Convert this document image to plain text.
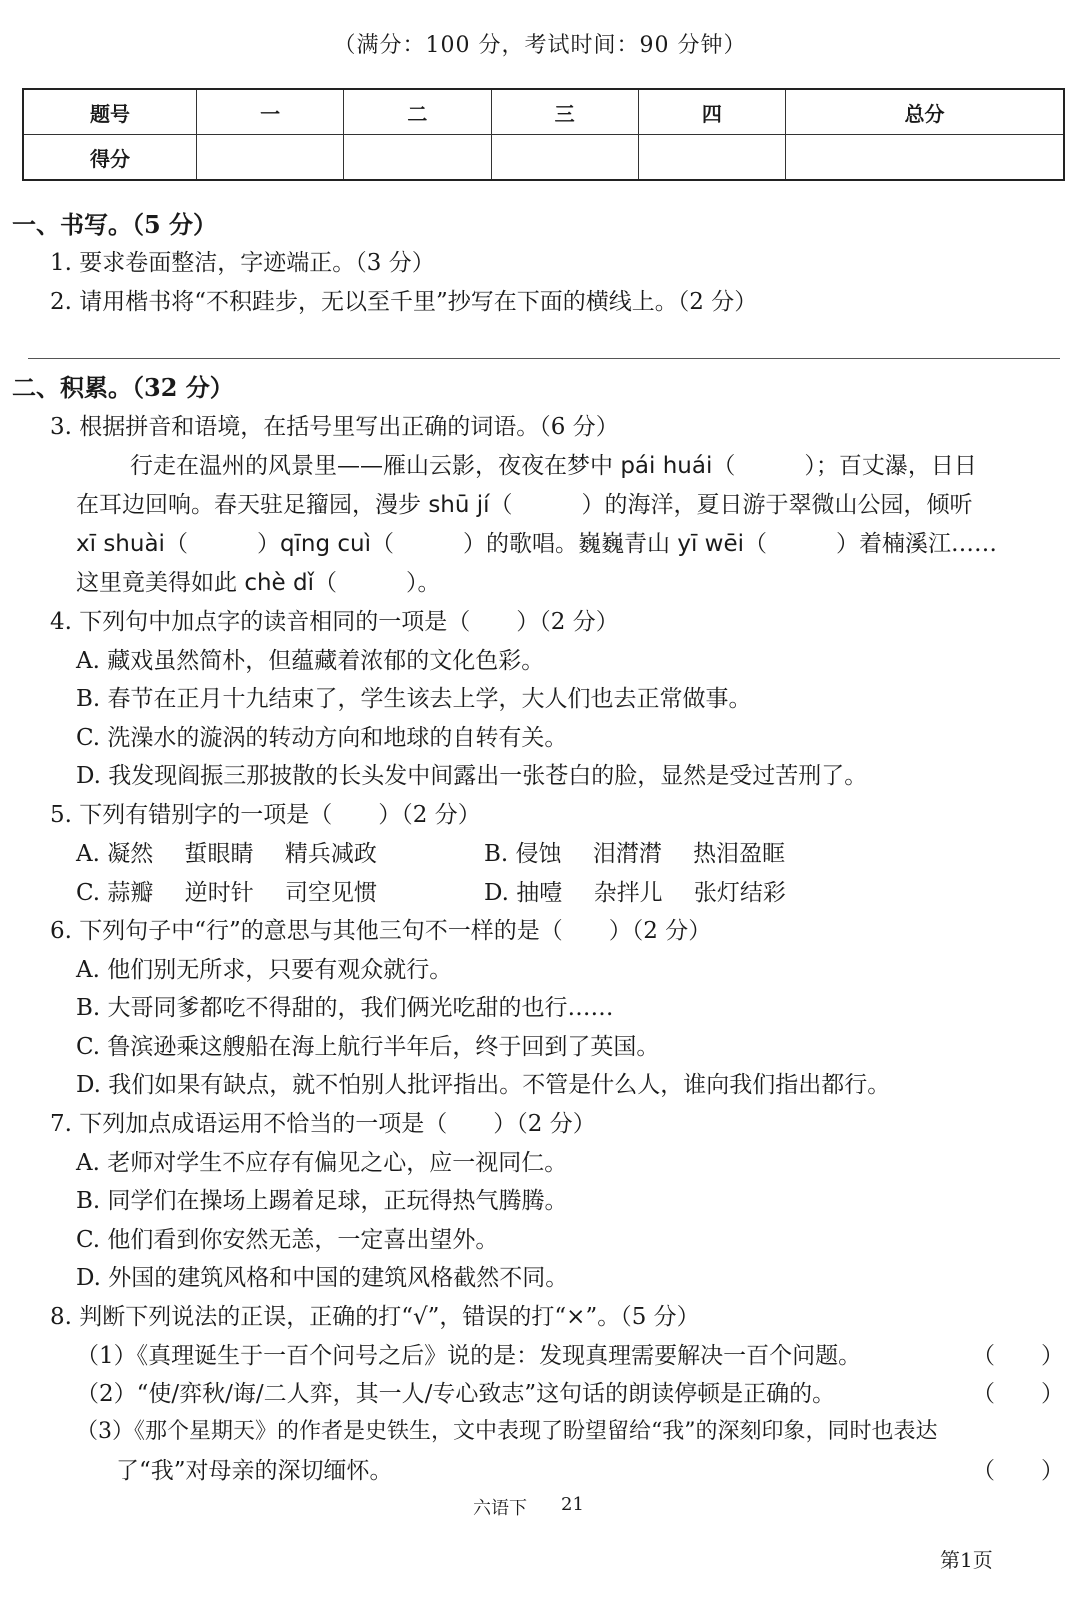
（满分：100 分，考试时间：90 分钟）
题号	一	二	三	四	总分
得分					
一、书写。（5 分）
1. 要求卷面整洁，字迹端正。（3 分）
2. 请用楷书将“不积跬步，无以至千里”抄写在下面的横线上。（2 分）
二、积累。（32 分）
3. 根据拼音和语境，在括号里写出正确的词语。（6 分）
行走在温州的风景里——雁山云影，夜夜在梦中 pái huái（　　　）；百丈瀑，日日
在耳边回响。春天驻足籀园，漫步 shū jí（　　　）的海洋，夏日游于翠微山公园，倾听
xī shuài（　　　）qīng cuì（　　　）的歌唱。巍巍青山 yī wēi（　　　）着楠溪江……
这里竟美得如此 chè dǐ（　　　）。
4. 下列句中加点字的读音相同的一项是（　　）（2 分）
A. 藏戏虽然简朴，但蕴藏着浓郁的文化色彩。
B. 春节在正月十九结束了，学生该去上学，大人们也去正常做事。
C. 洗澡水的漩涡的转动方向和地球的自转有关。
D. 我发现阎振三那披散的长头发中间露出一张苍白的脸，显然是受过苦刑了。
5. 下列有错别字的一项是（　　）（2 分）
A. 凝然 蜇眼睛 精兵减政	B. 侵蚀 泪潸潸 热泪盈眶
C. 蒜瓣 逆时针 司空见惯	D. 抽噎 杂拌儿 张灯结彩
6. 下列句子中“行”的意思与其他三句不一样的是（　　）（2 分）
A. 他们别无所求，只要有观众就行。
B. 大哥同爹都吃不得甜的，我们俩光吃甜的也行……
C. 鲁滨逊乘这艘船在海上航行半年后，终于回到了英国。
D. 我们如果有缺点，就不怕别人批评指出。不管是什么人，谁向我们指出都行。
7. 下列加点成语运用不恰当的一项是（　　）（2 分）
A. 老师对学生不应存有偏见之心，应一视同仁。
B. 同学们在操场上踢着足球，正玩得热气腾腾。
C. 他们看到你安然无恙，一定喜出望外。
D. 外国的建筑风格和中国的建筑风格截然不同。
8. 判断下列说法的正误，正确的打“√”，错误的打“×”。（5 分）
（1）《真理诞生于一百个问号之后》说的是：发现真理需要解决一百个问题。	（　　）
（2）“使/弈秋/诲/二人弈，其一人/专心致志”这句话的朗读停顿是正确的。	（　　）
（3）《那个星期天》的作者是史铁生，文中表现了盼望留给“我”的深刻印象，同时也表达
了“我”对母亲的深切缅怀。	（　　）
六语下 21
第1页
